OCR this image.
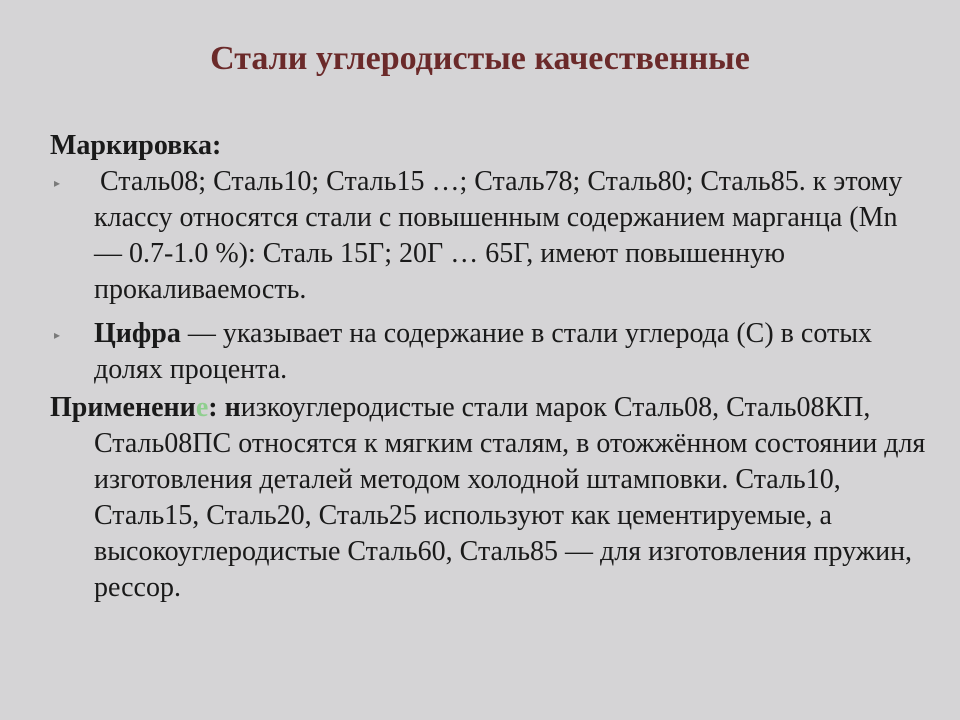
Стали углеродистые качественные
Маркировка:
▸ Сталь08; Сталь10; Сталь15 …; Сталь78; Сталь80; Сталь85. к этому классу относятся стали с повышенным содержанием марганца (Mn — 0.7-1.0 %): Сталь 15Г; 20Г … 65Г, имеют повышенную прокаливаемость.
▸ Цифра — указывает на содержание в стали углерода (С) в сотых долях процента.
Применение: низкоуглеродистые стали марок Сталь08, Сталь08КП, Сталь08ПС относятся к мягким сталям, в отожжённом состоянии для изготовления деталей методом холодной штамповки. Сталь10, Сталь15, Сталь20, Сталь25 используют как цементируемые, а высокоуглеродистые Сталь60, Сталь85 — для изготовления пружин, рессор.
